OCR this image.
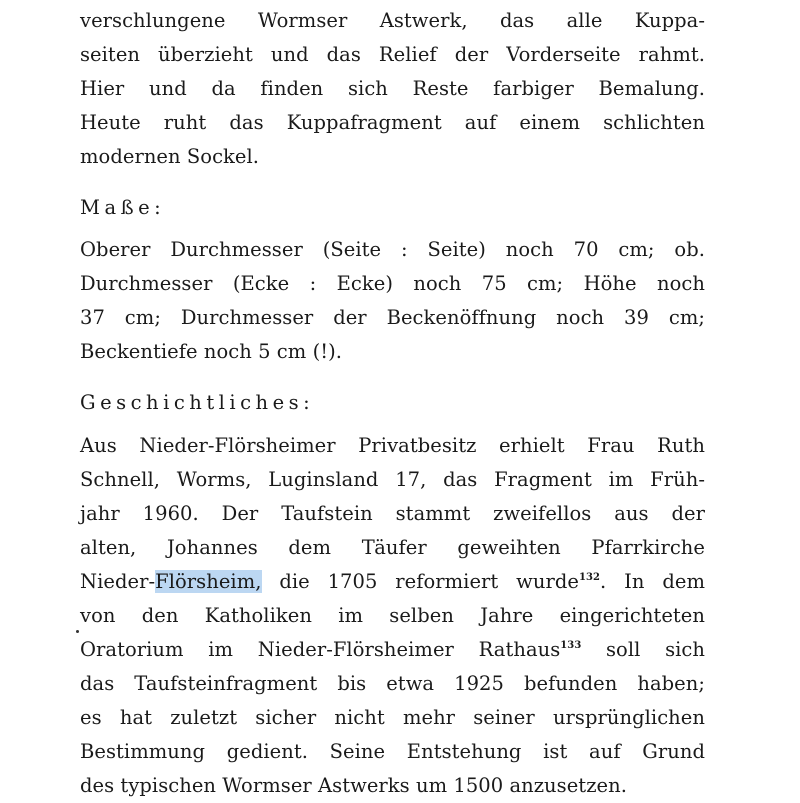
verschlungene Wormser Astwerk, das alle Kuppa-
seiten überzieht und das Relief der Vorderseite rahmt.
Hier und da finden sich Reste farbiger Bemalung.
Heute ruht das Kuppafragment auf einem schlichten
modernen Sockel.
Maße:
Oberer Durchmesser (Seite : Seite) noch 70 cm; ob.
Durchmesser (Ecke : Ecke) noch 75 cm; Höhe noch
37 cm; Durchmesser der Beckenöffnung noch 39 cm;
Beckentiefe noch 5 cm (!).
Geschichtliches:
Aus Nieder-Flörsheimer Privatbesitz erhielt Frau Ruth
Schnell, Worms, Luginsland 17, das Fragment im Früh-
jahr 1960. Der Taufstein stammt zweifellos aus der
alten, Johannes dem Täufer geweihten Pfarrkirche
Nieder-Flörsheim, die 1705 reformiert wurde$^{132}$. In dem
von den Katholiken im selben Jahre eingerichteten
Oratorium im Nieder-Flörsheimer Rathaus$^{133}$ soll sich
das Taufsteinfragment bis etwa 1925 befunden haben;
es hat zuletzt sicher nicht mehr seiner ursprünglichen
Bestimmung gedient. Seine Entstehung ist auf Grund
des typischen Wormser Astwerks um 1500 anzusetzen.
